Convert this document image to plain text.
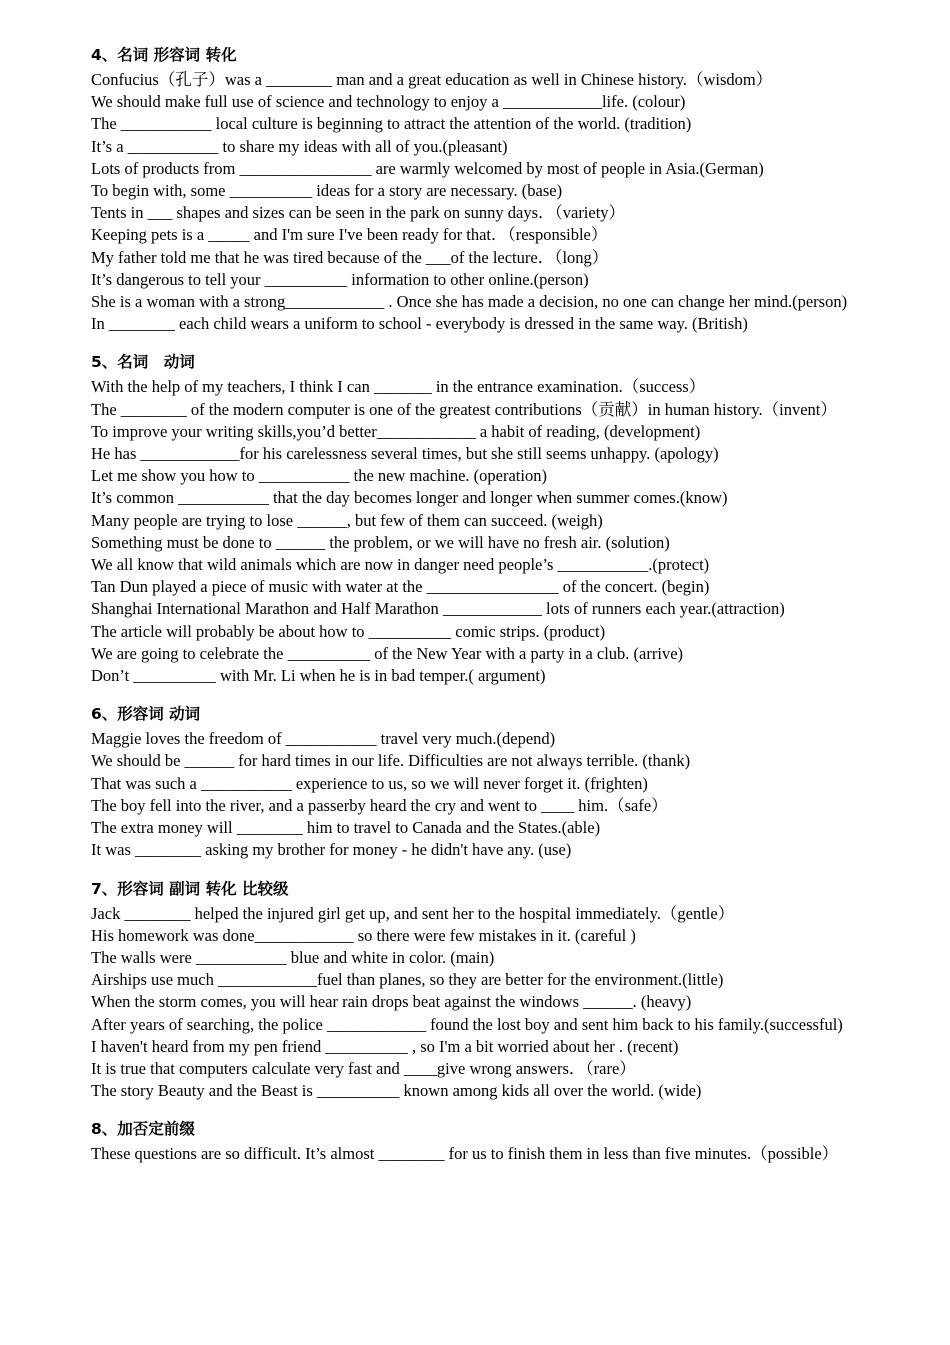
4、名词 形容词 转化

Confucius（孔子）was a ________ man and a great education as well in Chinese history.（wisdom）

We should make full use of science and technology to enjoy a ____________life. (colour)

The ___________ local culture is beginning to attract the attention of the world. (tradition)

It’s a ___________ to share my ideas with all of you.(pleasant)

Lots of products from ________________ are warmly welcomed by most of people in Asia.(German)

To begin with, some __________ ideas for a story are necessary. (base)

Tents in ___ shapes and sizes can be seen in the park on sunny days．（variety）

Keeping pets is a _____ and I'm sure I've been ready for that．（responsible）

My father told me that he was tired because of the ___of the lecture．（long）

It’s dangerous to tell your __________ information to other online.(person)

She is a woman with a strong____________ . Once she has made a decision, no one can change her mind.(person)

In ________ each child wears a uniform to school - everybody is dressed in the same way. (British)

5、名词　动词

With the help of my teachers, I think I can _______ in the entrance examination.（success）

The ________ of the modern computer is one of the greatest contributions（贡献）in human history.（invent）

To improve your writing skills,you’d better____________ a habit of reading, (development)

He has ____________for his carelessness several times, but she still seems unhappy. (apology)

Let me show you how to ___________ the new machine. (operation)

It’s common ___________ that the day becomes longer and longer when summer comes.(know)

Many people are trying to lose ______, but few of them can succeed. (weigh)

Something must be done to ______ the problem, or we will have no fresh air. (solution)

We all know that wild animals which are now in danger need people’s ___________.(protect)

Tan Dun played a piece of music with water at the ________________ of the concert. (begin)

Shanghai International Marathon and Half Marathon ____________ lots of runners each year.(attraction)

The article will probably be about how to __________ comic strips. (product)

We are going to celebrate the __________ of the New Year with a party in a club. (arrive)

Don’t __________ with Mr. Li when he is in bad temper.( argument)

6、形容词 动词

Maggie loves the freedom of ___________ travel very much.(depend)

We should be ______ for hard times in our life. Difficulties are not always terrible. (thank)

That was such a ___________ experience to us, so we will never forget it. (frighten)

The boy fell into the river, and a passerby heard the cry and went to ____ him.（safe）

The extra money will ________ him to travel to Canada and the States.(able)

It was ________ asking my brother for money - he didn't have any. (use)

7、形容词 副词 转化 比较级

Jack ________ helped the injured girl get up, and sent her to the hospital immediately.（gentle）

His homework was done____________ so there were few mistakes in it. (careful )

The walls were ___________ blue and white in color. (main)

Airships use much ____________fuel than planes, so they are better for the environment.(little)

When the storm comes, you will hear rain drops beat against the windows ______. (heavy)

After years of searching, the police ____________ found the lost boy and sent him back to his family.(successful)

I haven't heard from my pen friend __________ , so I'm a bit worried about her . (recent)

It is true that computers calculate very fast and ____give wrong answers．（rare）

The story Beauty and the Beast is __________ known among kids all over the world. (wide)

8、加否定前缀

These questions are so difficult. It’s almost ________ for us to finish them in less than five minutes.（possible）
